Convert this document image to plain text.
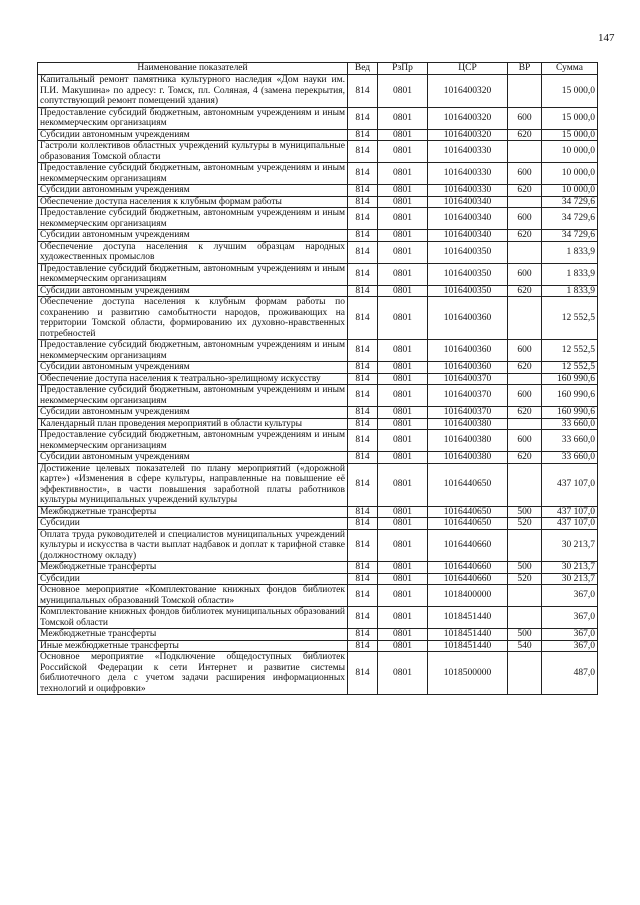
147
Наименование показателей	Вед	РзПр	ЦСР	ВР	Сумма
Капитальный ремонт памятника культурного наследия «Дом науки им. П.И. Макушина» по адресу: г. Томск, пл. Соляная, 4 (замена перекрытия, сопутствующий ремонт помещений здания)	814	0801	1016400320		15 000,0
Предоставление субсидий бюджетным, автономным учреждениям и иным некоммерческим организациям	814	0801	1016400320	600	15 000,0
Субсидии автономным учреждениям	814	0801	1016400320	620	15 000,0
Гастроли коллективов областных учреждений культуры в муниципальные образования Томской области	814	0801	1016400330		10 000,0
Предоставление субсидий бюджетным, автономным учреждениям и иным некоммерческим организациям	814	0801	1016400330	600	10 000,0
Субсидии автономным учреждениям	814	0801	1016400330	620	10 000,0
Обеспечение доступа населения к клубным формам работы	814	0801	1016400340		34 729,6
Предоставление субсидий бюджетным, автономным учреждениям и иным некоммерческим организациям	814	0801	1016400340	600	34 729,6
Субсидии автономным учреждениям	814	0801	1016400340	620	34 729,6
Обеспечение доступа населения к лучшим образцам народных художественных промыслов	814	0801	1016400350		1 833,9
Предоставление субсидий бюджетным, автономным учреждениям и иным некоммерческим организациям	814	0801	1016400350	600	1 833,9
Субсидии автономным учреждениям	814	0801	1016400350	620	1 833,9
Обеспечение доступа населения к клубным формам работы по сохранению и развитию самобытности народов, проживающих на территории Томской области, формированию их духовно-нравственных потребностей	814	0801	1016400360		12 552,5
Предоставление субсидий бюджетным, автономным учреждениям и иным некоммерческим организациям	814	0801	1016400360	600	12 552,5
Субсидии автономным учреждениям	814	0801	1016400360	620	12 552,5
Обеспечение доступа населения к театрально-зрелищному искусству	814	0801	1016400370		160 990,6
Предоставление субсидий бюджетным, автономным учреждениям и иным некоммерческим организациям	814	0801	1016400370	600	160 990,6
Субсидии автономным учреждениям	814	0801	1016400370	620	160 990,6
Календарный план проведения мероприятий в области культуры	814	0801	1016400380		33 660,0
Предоставление субсидий бюджетным, автономным учреждениям и иным некоммерческим организациям	814	0801	1016400380	600	33 660,0
Субсидии автономным учреждениям	814	0801	1016400380	620	33 660,0
Достижение целевых показателей по плану мероприятий («дорожной карте») «Изменения в сфере культуры, направленные на повышение её эффективности», в части повышения заработной платы работников культуры муниципальных учреждений культуры	814	0801	1016440650		437 107,0
Межбюджетные трансферты	814	0801	1016440650	500	437 107,0
Субсидии	814	0801	1016440650	520	437 107,0
Оплата труда руководителей и специалистов муниципальных учреждений культуры и искусства в части выплат надбавок и доплат к тарифной ставке (должностному окладу)	814	0801	1016440660		30 213,7
Межбюджетные трансферты	814	0801	1016440660	500	30 213,7
Субсидии	814	0801	1016440660	520	30 213,7
Основное мероприятие «Комплектование книжных фондов библиотек муниципальных образований Томской области»	814	0801	1018400000		367,0
Комплектование книжных фондов библиотек муниципальных образований Томской области	814	0801	1018451440		367,0
Межбюджетные трансферты	814	0801	1018451440	500	367,0
Иные межбюджетные трансферты	814	0801	1018451440	540	367,0
Основное мероприятие «Подключение общедоступных библиотек Российской Федерации к сети Интернет и развитие системы библиотечного дела с учетом задачи расширения информационных технологий и оцифровки»	814	0801	1018500000		487,0
